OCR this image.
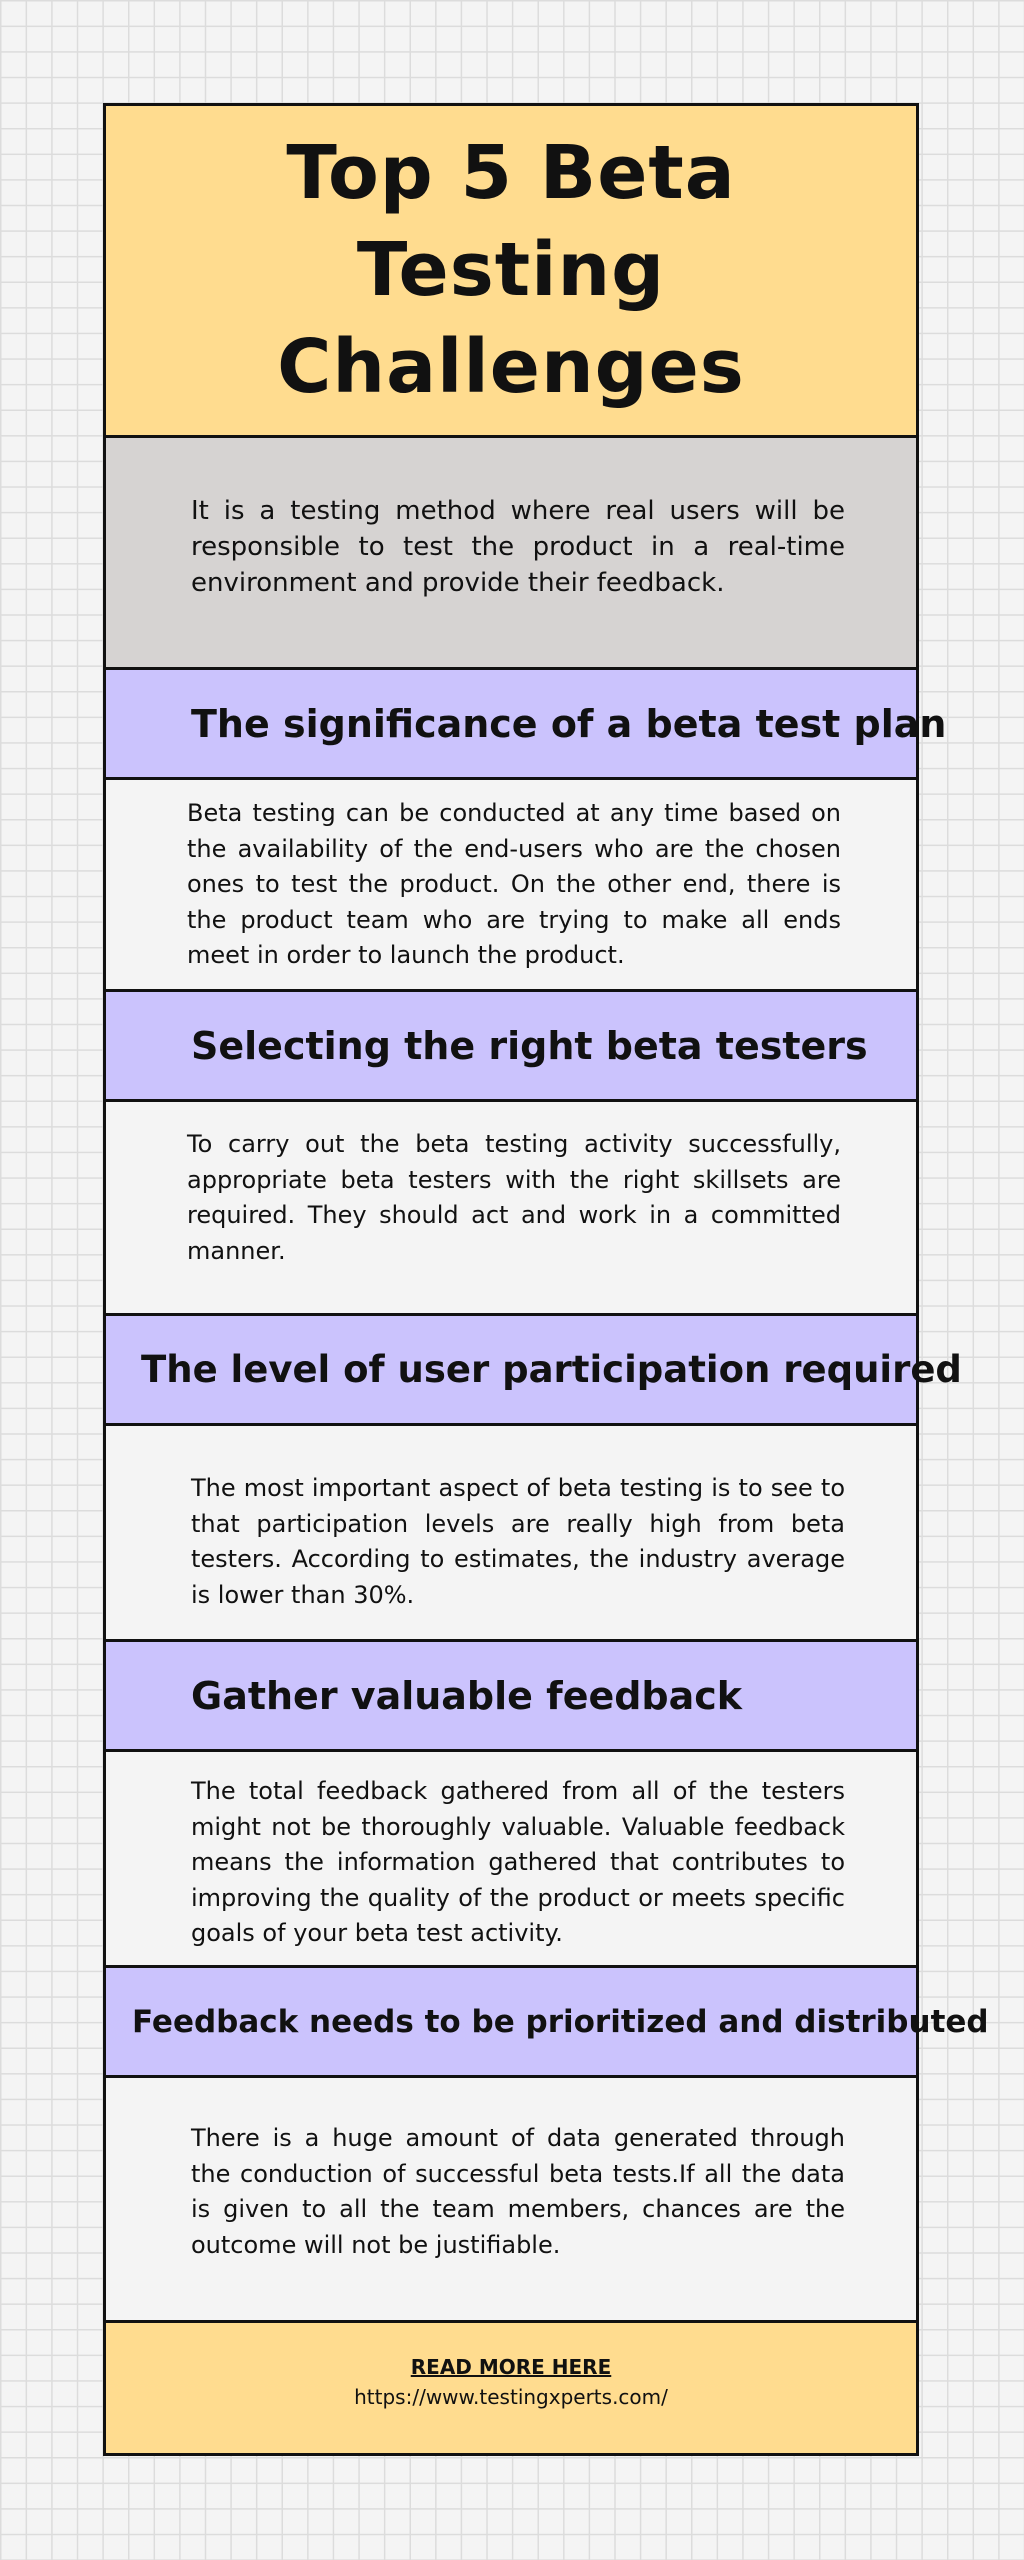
Top 5 Beta Testing Challenges

It is a testing method where real users will be responsible to test the product in a real-time environment and provide their feedback.

The significance of a beta test plan

Beta testing can be conducted at any time based on the availability of the end-users who are the chosen ones to test the product. On the other end, there is the product team who are trying to make all ends meet in order to launch the product.

Selecting the right beta testers

To carry out the beta testing activity successfully, appropriate beta testers with the right skillsets are required. They should act and work in a committed manner.

The level of user participation required

The most important aspect of beta testing is to see to that participation levels are really high from beta testers. According to estimates, the industry average is lower than 30%.

Gather valuable feedback

The total feedback gathered from all of the testers might not be thoroughly valuable. Valuable feedback means the information gathered that contributes to improving the quality of the product or meets specific goals of your beta test activity.

Feedback needs to be prioritized and distributed

There is a huge amount of data generated through the conduction of successful beta tests.If all the data is given to all the team members, chances are the outcome will not be justifiable.

READ MORE HERE
https://www.testingxperts.com/
